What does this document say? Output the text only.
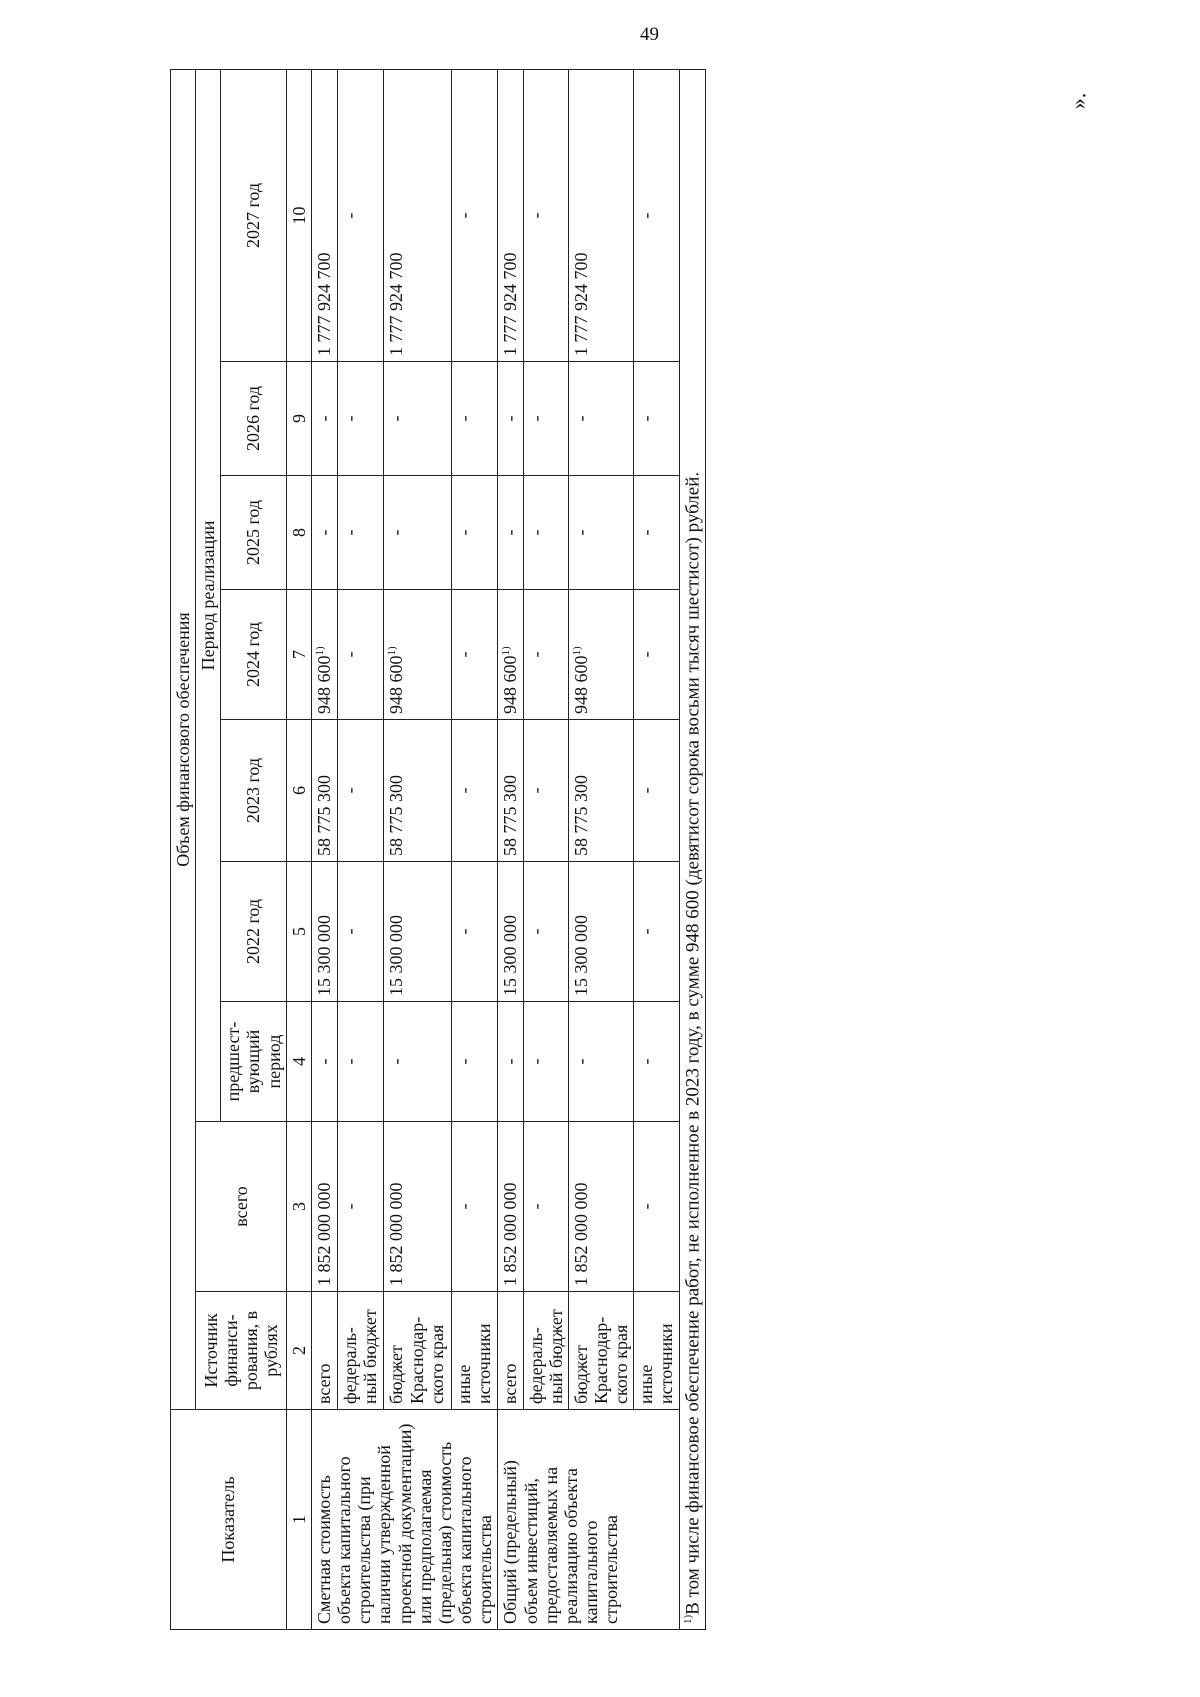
49
».
Показатель	Объем финансового обеспечения								
	Источник финанси-рования, в рублях	всего	Период реализации						
			предшест-вующий период	2022 год	2023 год	2024 год	2025 год	2026 год	2027 год
1	2	3	4	5	6	7	8	9	10
Сметная стоимость объекта капитального строительства (при наличии утвержденной проектной документации) или предполагаемая (предельная) стоимость объекта капитального строительства	всего	1 852 000 000	-	15 300 000	58 775 300	948 600$^{1)}$	-	-	1 777 924 700
	федераль-ный бюджет	-	-	-	-	-	-	-	-
	бюджет Краснодар-ского края	1 852 000 000	-	15 300 000	58 775 300	948 600$^{1)}$	-	-	1 777 924 700
	иные источники	-	-	-	-	-	-	-	-
Общий (предельный) объем инвестиций, предоставляемых на реализацию объекта капитального строительства	всего	1 852 000 000	-	15 300 000	58 775 300	948 600$^{1)}$	-	-	1 777 924 700
	федераль-ный бюджет	-	-	-	-	-	-	-	-
	бюджет Краснодар-ского края	1 852 000 000	-	15 300 000	58 775 300	948 600$^{1)}$	-	-	1 777 924 700
	иные источники	-	-	-	-	-	-	-	-
$^{1)}$В том числе финансовое обеспечение работ, не исполненное в 2023 году, в сумме 948 600 (девятисот сорока восьми тысяч шестисот) рублей.									
